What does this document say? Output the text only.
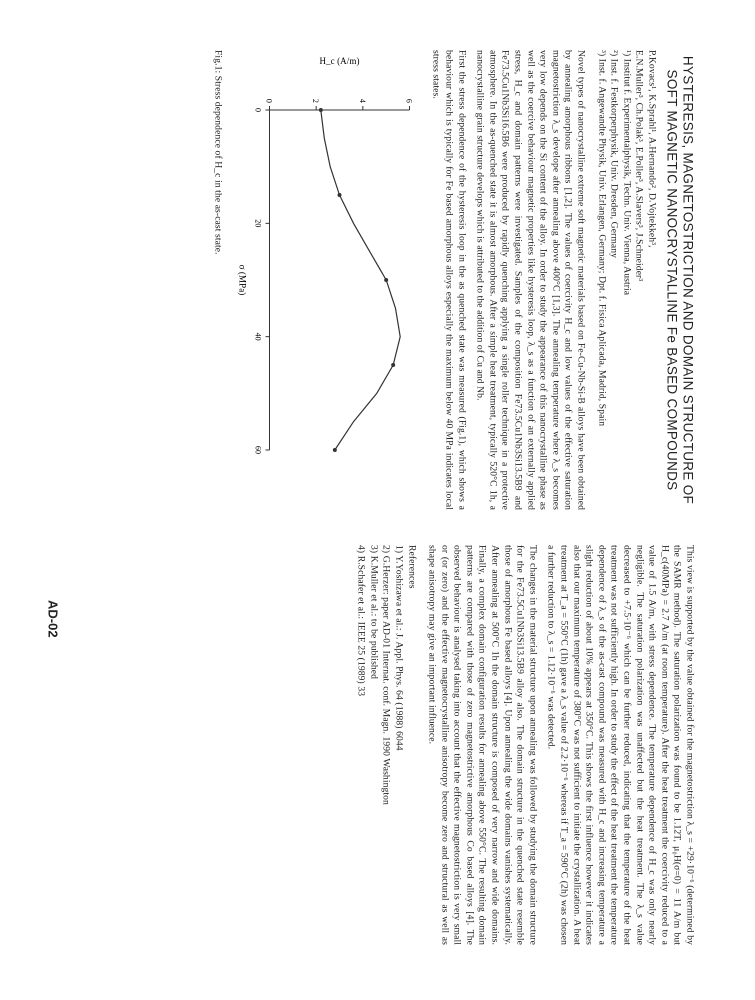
HYSTERESIS, MAGNETOSTRICTION AND DOMAIN STRUCTURE OF SOFT MAGNETIC NANOCRYSTALLINE Fe BASED COMPOUNDS
P.Kovacs¹, K.Sprahl¹, A.Hernando², D.Vojtekkeh³,
E.N.Muller³, Ch.Polak³, E.Poller³, A.Slavers³, J.Schneider³
¹) Institut f. Experimentalphysik, Techn. Univ. Vienna, Austria
²) Inst. f. Festkorperphysik, Univ. Dresden, Germany
³) Inst. f. Angewandte Physik, Univ. Erlangen, Germany; Dpt. f. Fisica Aplicada, Madrid, Spain

Novel types of nanocrystalline extreme soft magnetic materials based on Fe-Cu-Nb-Si-B alloys have been obtained by annealing amorphous ribbons [1,2]. The values of coercivity H_c and low values of the effective saturation magnetostriction λ_s develope after annealing above 400°C [1,3]. The annealing temperature where λ_s becomes very low depends on the Si content of the alloy. In order to study the appearance of this nanocrystalline phase as well as the coercive behaviour magnetic properties like hysteresis loop, λ_s as a function of an externally applied stress, H_c and domain patterns were investigated. Samples of the composition Fe73.5Cu1Nb3Si13.5B9 and Fe73.5Cu1Nb3Si16.5B6 were produced by rapidly quenching applying a single roller technique in a protective atmosphere. In the as-quenched state it is almost amorphous. After a simple heat treatment, typically 520°C 1h, a nanocrystalline grain structure develops which is attributed to the addition of Cu and Nb.

First the stress dependence of the hysteresis loop in the as quenched state was measured (Fig.1), which shows a behaviour which is typically for Fe based amorphous alloys especially the maximum below 40 MPa indicates local stress states.

0
20
40
60
0	2	4	6
σ (MPa)
H_c (A/m)
Fig.1: Stress dependence of H_c in the as-cast state.

This view is supported by the value obtained for the magnetostriction λ_s = +29·10⁻⁶ (determined by the SAMR method). The saturation polarization was found to be 1.12T, μ₀H(σ=0) = 11 A/m but H_c(40MPa) = 2.7 A/m (at room temperature). After the heat treatment the coercivity reduced to a value of 1.5 A/m, with stress dependence. The temperature dependence of H_c was only nearly negligible. The saturation polarization was unaffected but the heat treatment. The λ_s value decreased to +7.5·10⁻⁶ which can be further reduced, indicating that the temperature of the heat treatment was not sufficiently high. In order to study the effect of the heat treatment the temperature dependence of λ_s of the as-cast compound was measured with H_c and increasing temperature a slight reduction of about 10% appears at 350°C. This shows the first influence however it indicates also that our maximum temperature of 380°C was not sufficient to initiate the crystallization. A heat treatment at T_a = 550°C (1h) gave a λ_s value of 2.2·10⁻⁶ whereas if T_a = 590°C (2h) was chosen a further reduction to λ_s = 1.12·10⁻⁶ was detected.

The changes in the material structure upon annealing was followed by studying the domain structure for the Fe73.5Cu1Nb3Si13.5B9 alloy also. The domain structure in the quenched state resemble those of amorphous Fe based alloys [4]. Upon annealing the wide domains vanishes systematically. After annealing at 500°C 1h the domain structure is composed of very narrow and wide domains. Finally, a complex domain configuration results for annealing above 550°C. The resulting domain patterns are compared with those of zero magnetostrictive amorphous Co based alloys [4]. The observed behaviour is analysed taking into account that the effective magnetostriction is very small or (or zero) and the effective magnetocrystalline anisotropy become zero and structural as well as shape anisotropy may give an important influence.

References
1) Y.Yoshizawa et al.: J. Appl. Phys. 64 (1988) 6044
2) G.Herzer: paper AD-01 Internat. conf. Magn. 1990 Washington
3) K.Muller et al.: to be published
4) R.Schafer et al.: IEEE 25 (1989) 33
AD-02
